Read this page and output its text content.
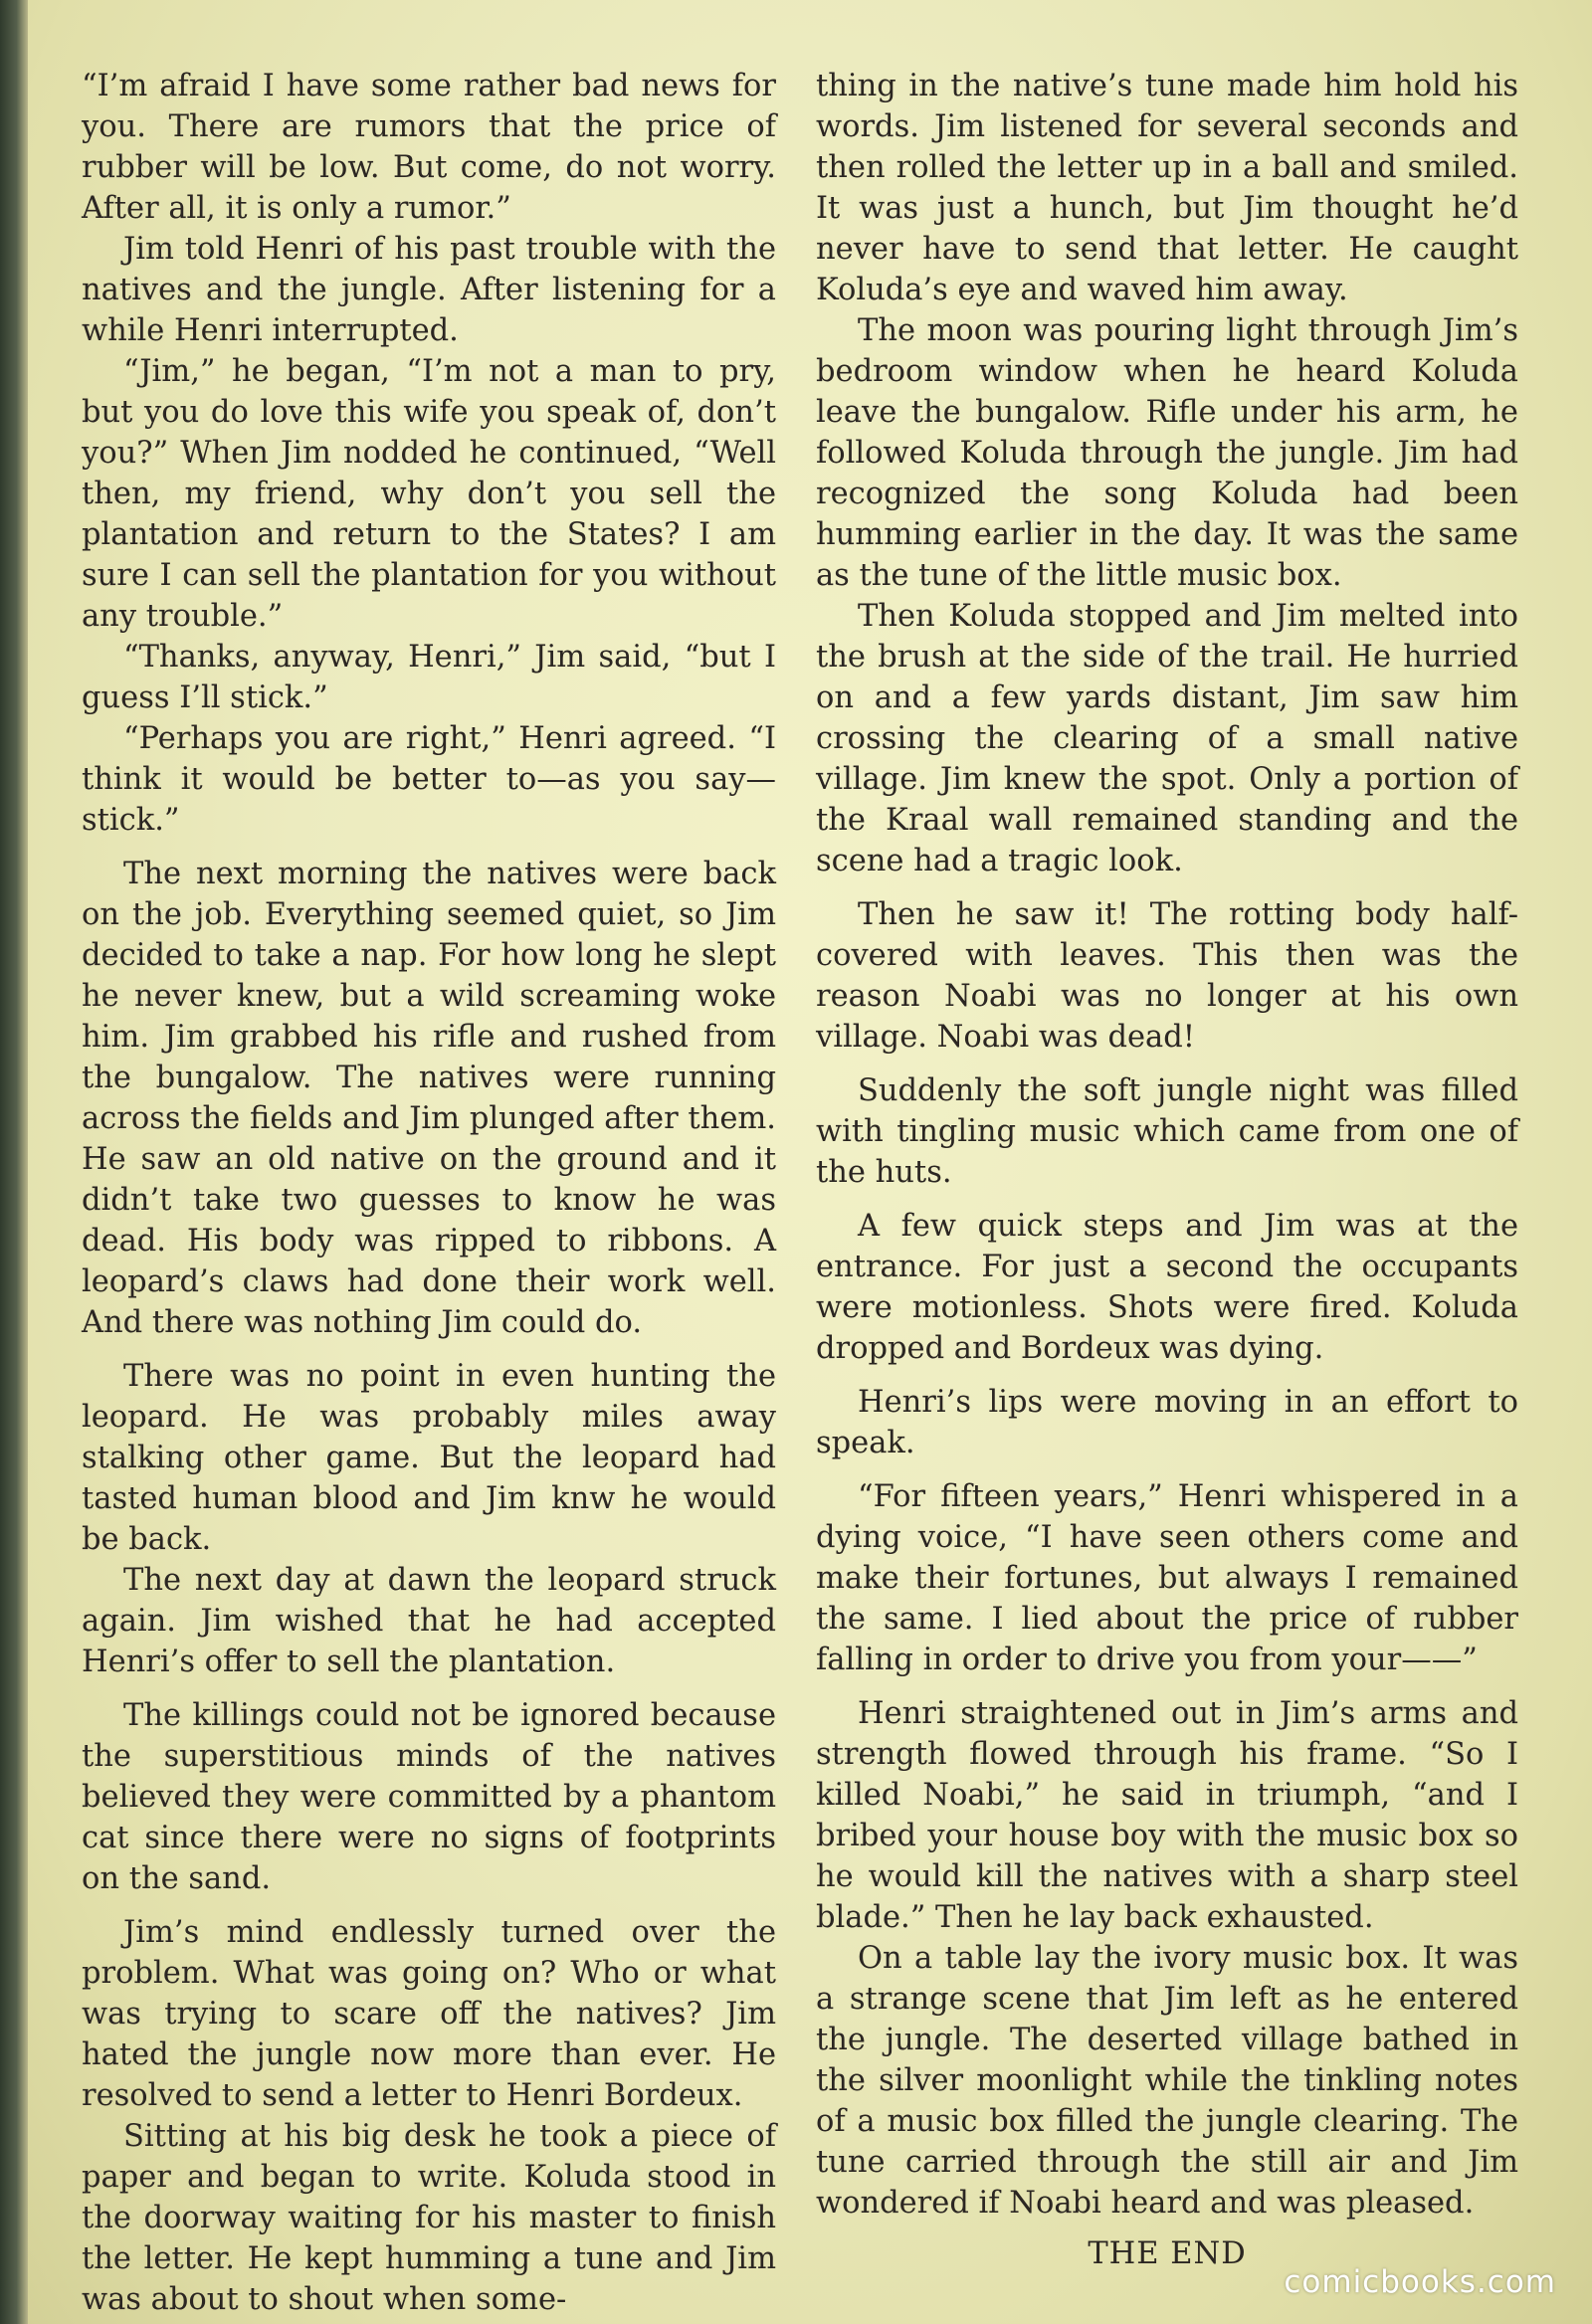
“I’m afraid I have some rather bad news for you. There are rumors that the price of rubber will be low. But come, do not worry. After all, it is only a rumor.”

Jim told Henri of his past trouble with the natives and the jungle. After listening for a while Henri interrupted.

“Jim,” he began, “I’m not a man to pry, but you do love this wife you speak of, don’t you?” When Jim nodded he continued, “Well then, my friend, why don’t you sell the plantation and return to the States? I am sure I can sell the plantation for you without any trouble.”

“Thanks, anyway, Henri,” Jim said, “but I guess I’ll stick.”

“Perhaps you are right,” Henri agreed. “I think it would be better to—as you say—stick.”

The next morning the natives were back on the job. Everything seemed quiet, so Jim decided to take a nap. For how long he slept he never knew, but a wild screaming woke him. Jim grabbed his rifle and rushed from the bungalow. The natives were running across the fields and Jim plunged after them. He saw an old native on the ground and it didn’t take two guesses to know he was dead. His body was ripped to ribbons. A leopard’s claws had done their work well. And there was nothing Jim could do.

There was no point in even hunting the leopard. He was probably miles away stalking other game. But the leopard had tasted human blood and Jim knw he would be back.

The next day at dawn the leopard struck again. Jim wished that he had accepted Henri’s offer to sell the plantation.

The killings could not be ignored because the superstitious minds of the natives believed they were committed by a phantom cat since there were no signs of footprints on the sand.

Jim’s mind endlessly turned over the problem. What was going on? Who or what was trying to scare off the natives? Jim hated the jungle now more than ever. He resolved to send a letter to Henri Bordeux.

Sitting at his big desk he took a piece of paper and began to write. Koluda stood in the doorway waiting for his master to finish the letter. He kept humming a tune and Jim was about to shout when some-

thing in the native’s tune made him hold his words. Jim listened for several seconds and then rolled the letter up in a ball and smiled. It was just a hunch, but Jim thought he’d never have to send that letter. He caught Koluda’s eye and waved him away.

The moon was pouring light through Jim’s bedroom window when he heard Koluda leave the bungalow. Rifle under his arm, he followed Koluda through the jungle. Jim had recognized the song Koluda had been humming earlier in the day. It was the same as the tune of the little music box.

Then Koluda stopped and Jim melted into the brush at the side of the trail. He hurried on and a few yards distant, Jim saw him crossing the clearing of a small native village. Jim knew the spot. Only a portion of the Kraal wall remained standing and the scene had a tragic look.

Then he saw it! The rotting body half-covered with leaves. This then was the reason Noabi was no longer at his own village. Noabi was dead!

Suddenly the soft jungle night was filled with tingling music which came from one of the huts.

A few quick steps and Jim was at the entrance. For just a second the occupants were motionless. Shots were fired. Koluda dropped and Bordeux was dying.

Henri’s lips were moving in an effort to speak.

“For fifteen years,” Henri whispered in a dying voice, “I have seen others come and make their fortunes, but always I remained the same. I lied about the price of rubber falling in order to drive you from your——”

Henri straightened out in Jim’s arms and strength flowed through his frame. “So I killed Noabi,” he said in triumph, “and I bribed your house boy with the music box so he would kill the natives with a sharp steel blade.” Then he lay back exhausted.

On a table lay the ivory music box. It was a strange scene that Jim left as he entered the jungle. The deserted village bathed in the silver moonlight while the tinkling notes of a music box filled the jungle clearing. The tune carried through the still air and Jim wondered if Noabi heard and was pleased.

THE END

comicbooks.com
